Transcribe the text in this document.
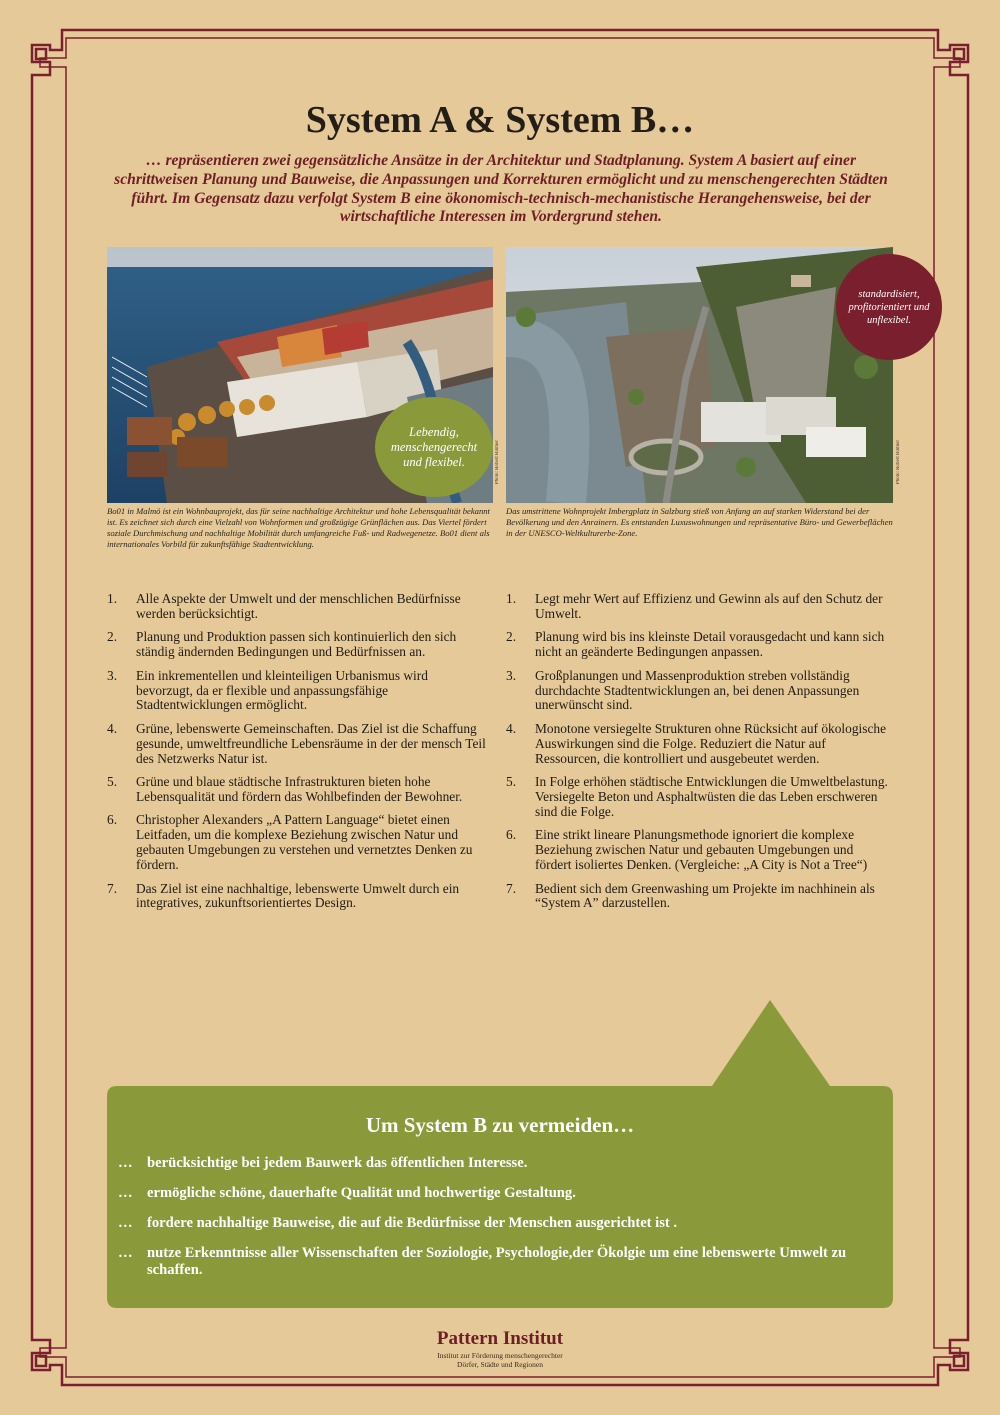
System A & System B…
… repräsentieren zwei gegensätzliche Ansätze in der Architektur und Stadtplanung. System A basiert auf einer schrittweisen Planung und Bauweise, die Anpassungen und Korrekturen ermöglicht und zu menschengerechten Städten führt. Im Gegensatz dazu verfolgt System B eine ökonomisch-technisch-mechanistische Herangehensweise, bei der wirtschaftliche Interessen im Vordergrund stehen.
Photo: Robert Rintner
Lebendig, menschengerecht und flexibel.	Photo: Robert Rintner
standardisiert, profitorientiert und unflexibel.
Bo01 in Malmö ist ein Wohnbauprojekt, das für seine nachhaltige Architektur und hohe Lebensqualität bekannt ist. Es zeichnet sich durch eine Vielzahl von Wohnformen und großzügige Grünflächen aus. Das Viertel fördert soziale Durchmischung und nachhaltige Mobilität durch umfangreiche Fuß- und Radwegenetze. Bo01 dient als internationales Vorbild für zukunftsfähige Stadtentwicklung.
Das umstrittene Wohnprojekt Imbergplatz in Salzburg stieß von Anfang an auf starken Widerstand bei der Bevölkerung und den Anrainern. Es entstanden Luxuswohnungen und repräsentative Büro- und Gewerbeflächen in der UNESCO-Weltkulturerbe-Zone.
1. Alle Aspekte der Umwelt und der menschlichen Bedürfnisse werden berücksichtigt.
2. Planung und Produktion passen sich kontinuierlich den sich ständig ändernden Bedingungen und Bedürfnissen an.
3. Ein inkrementellen und kleinteiligen Urbanismus wird bevorzugt, da er flexible und anpassungsfähige Stadtentwicklungen ermöglicht.
4. Grüne, lebenswerte Gemeinschaften. Das Ziel ist die Schaffung gesunde, umweltfreundliche Lebensräume in der der mensch Teil des Netzwerks Natur ist.
5. Grüne und blaue städtische Infrastrukturen bieten hohe Lebensqualität und fördern das Wohlbefinden der Bewohner.
6. Christopher Alexanders „A Pattern Language“ bietet einen Leitfaden, um die komplexe Beziehung zwischen Natur und gebauten Umgebungen zu verstehen und vernetztes Denken zu fördern.
7. Das Ziel ist eine nachhaltige, lebenswerte Umwelt durch ein integratives, zukunftsorientiertes Design.
1. Legt mehr Wert auf Effizienz und Gewinn als auf den Schutz der Umwelt.
2. Planung wird bis ins kleinste Detail vorausgedacht und kann sich nicht an geänderte Bedingungen anpassen.
3. Großplanungen und Massenproduktion streben vollständig durchdachte Stadtentwicklungen an, bei denen Anpassungen unerwünscht sind.
4. Monotone versiegelte Strukturen ohne Rücksicht auf ökologische Auswirkungen sind die Folge. Reduziert die Natur auf Ressourcen, die kontrolliert und ausgebeutet werden.
5. In Folge erhöhen städtische Entwicklungen die Umweltbelastung. Versiegelte Beton und Asphaltwüsten die das Leben erschweren sind die Folge.
6. Eine strikt lineare Planungsmethode ignoriert die komplexe Beziehung zwischen Natur und gebauten Umgebungen und fördert isoliertes Denken. (Vergleiche: „A City is Not a Tree“)
7. Bedient sich dem Greenwashing um Projekte im nachhinein als “System A” darzustellen.
Um System B zu vermeiden…
… berücksichtige bei jedem Bauwerk das öffentlichen Interesse.
… ermögliche schöne, dauerhafte Qualität und hochwertige Gestaltung.
… fordere nachhaltige Bauweise, die auf die Bedürfnisse der Menschen ausgerichtet ist .
… nutze Erkenntnisse aller Wissenschaften der Soziologie, Psychologie,der Ökolgie um eine lebenswerte Umwelt zu schaffen.
Pattern Institut
Institut zur Förderung menschengerechter
Dörfer, Städte und Regionen
